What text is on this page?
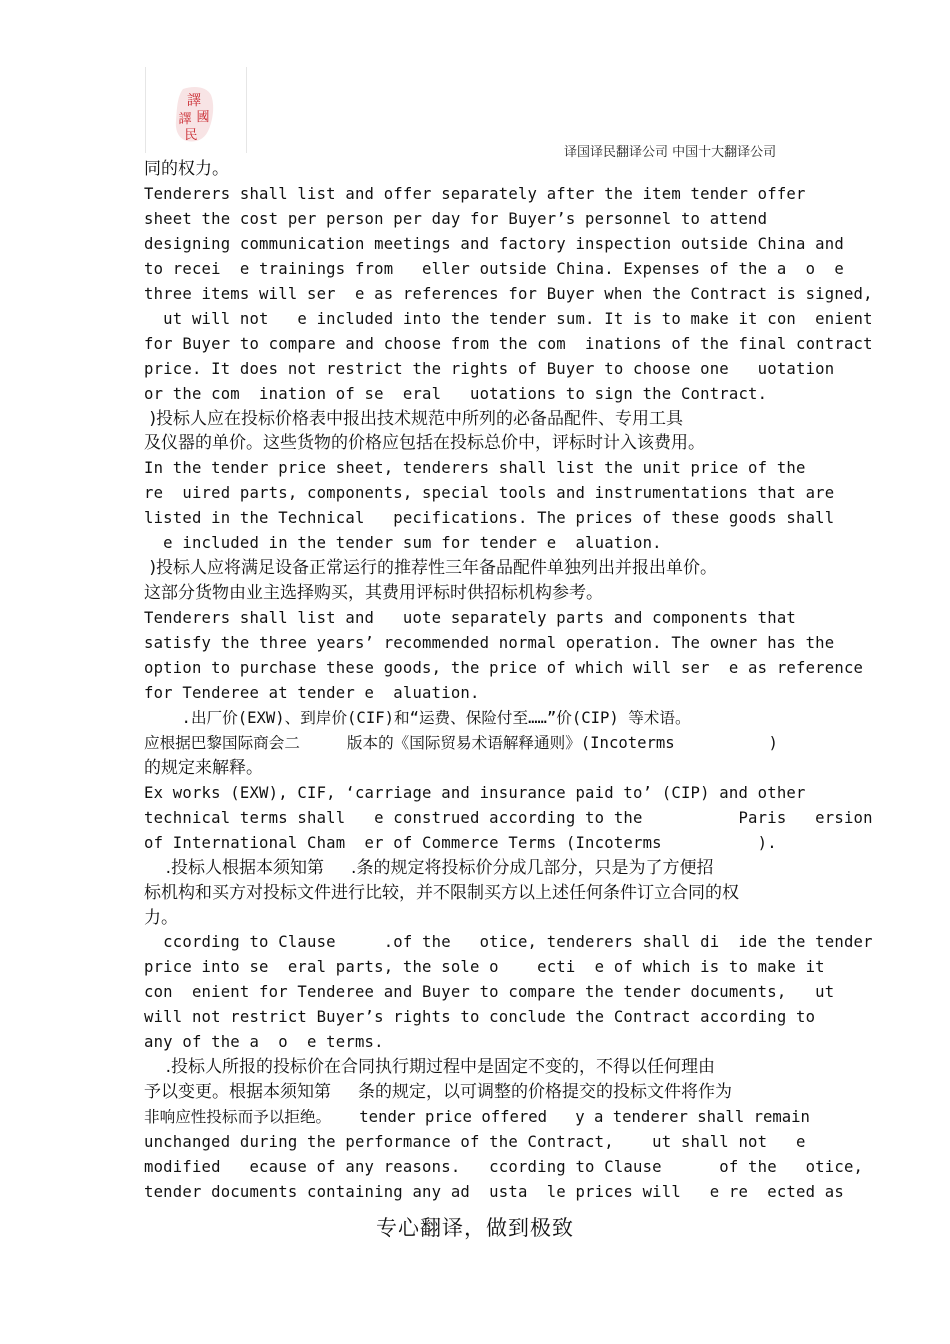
譯
國
譯
民
译国译民翻译公司 中国十大翻译公司
同的权力。
Tenderers shall list and offer separately after the item tender offer
sheet the cost per person per day for Buyer’s personnel to attend
designing communication meetings and factory inspection outside China and
to recei  e trainings from   eller outside China. Expenses of the a  o  e
three items will ser  e as references for Buyer when the Contract is signed,
ut will not   e included into the tender sum. It is to make it con  enient
for Buyer to compare and choose from the com  inations of the final contract
price. It does not restrict the rights of Buyer to choose one   uotation
or the com  ination of se  eral   uotations to sign the Contract.
)投标人应在投标价格表中报出技术规范中所列的必备品配件、专用工具
及仪器的单价。这些货物的价格应包括在投标总价中，评标时计入该费用。
In the tender price sheet, tenderers shall list the unit price of the
re  uired parts, components, special tools and instrumentations that are
listed in the Technical   pecifications. The prices of these goods shall
e included in the tender sum for tender e  aluation.
)投标人应将满足设备正常运行的推荐性三年备品配件单独列出并报出单价。
这部分货物由业主选择购买，其费用评标时供招标机构参考。
Tenderers shall list and   uote separately parts and components that
satisfy the three years’ recommended normal operation. The owner has the
option to purchase these goods, the price of which will ser  e as reference
for Tenderee at tender e  aluation.
.出厂价(EXW)、到岸价(CIF)和“运费、保险付至……”价(CIP) 等术语。
应根据巴黎国际商会二     版本的《国际贸易术语解释通则》(Incoterms          )
的规定来解释。
Ex works (EXW), CIF, ‘carriage and insurance paid to’ (CIP) and other
technical terms shall   e construed according to the          Paris   ersion
of International Cham  er of Commerce Terms (Incoterms          ).
.投标人根据本须知第     .条的规定将投标价分成几部分，只是为了方便招
标机构和买方对投标文件进行比较，并不限制买方以上述任何条件订立合同的权
力。
ccording to Clause     .of the   otice, tenderers shall di  ide the tender
price into se  eral parts, the sole o    ecti  e of which is to make it
con  enient for Tenderee and Buyer to compare the tender documents,   ut
will not restrict Buyer’s rights to conclude the Contract according to
any of the a  o  e terms.
.投标人所报的投标价在合同执行期过程中是固定不变的，不得以任何理由
予以变更。根据本须知第     条的规定，以可调整的价格提交的投标文件将作为
非响应性投标而予以拒绝。   tender price offered   y a tenderer shall remain
unchanged during the performance of the Contract,    ut shall not   e
modified   ecause of any reasons.   ccording to Clause      of the   otice,
tender documents containing any ad  usta  le prices will   e re  ected as
专心翻译，做到极致
